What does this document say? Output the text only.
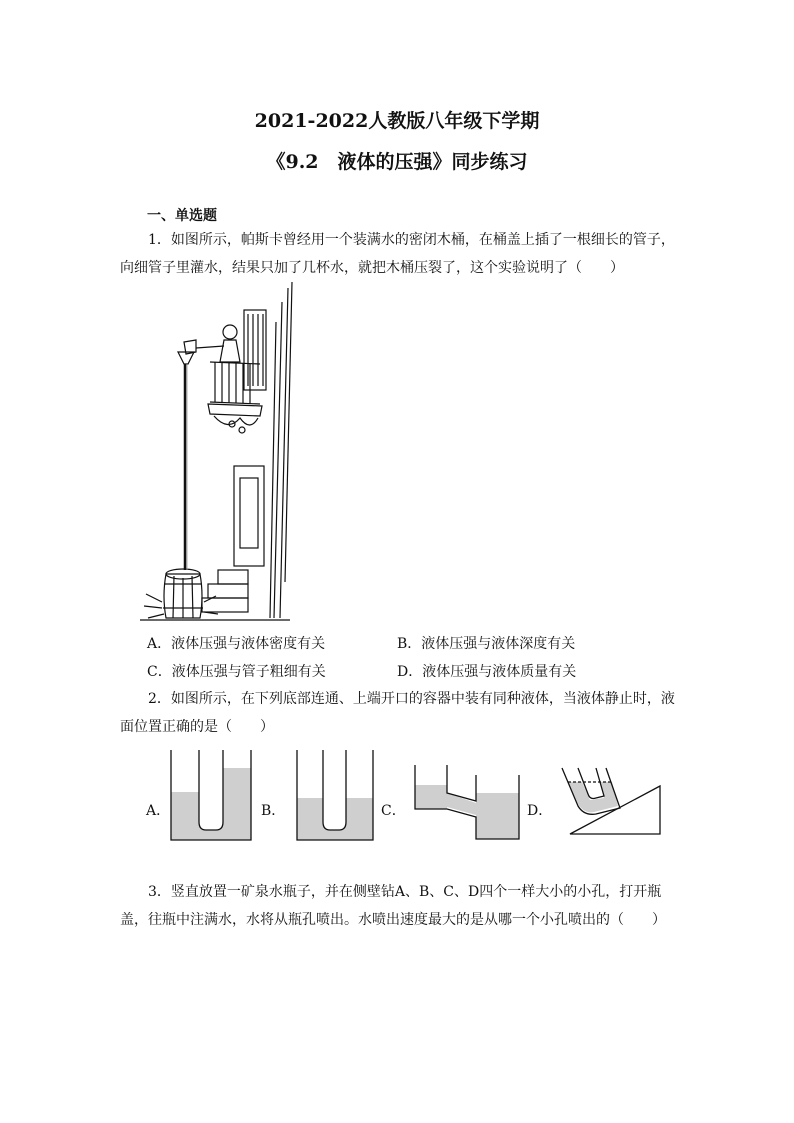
2021-2022人教版八年级下学期
《9.2　液体的压强》同步练习
一、单选题
1．如图所示，帕斯卡曾经用一个装满水的密闭木桶，在桶盖上插了一根细长的管子，向细管子里灌水，结果只加了几杯水，就把木桶压裂了，这个实验说明了（　　）
A．液体压强与液体密度有关	B．液体压强与液体深度有关
C．液体压强与管子粗细有关	D．液体压强与液体质量有关
2．如图所示，在下列底部连通、上端开口的容器中装有同种液体，当液体静止时，液面位置正确的是（　　）
A．	B．	C．	D．
3．竖直放置一矿泉水瓶子，并在侧壁钻A、B、C、D四个一样大小的小孔，打开瓶盖，往瓶中注满水，水将从瓶孔喷出。水喷出速度最大的是从哪一个小孔喷出的（　　）
